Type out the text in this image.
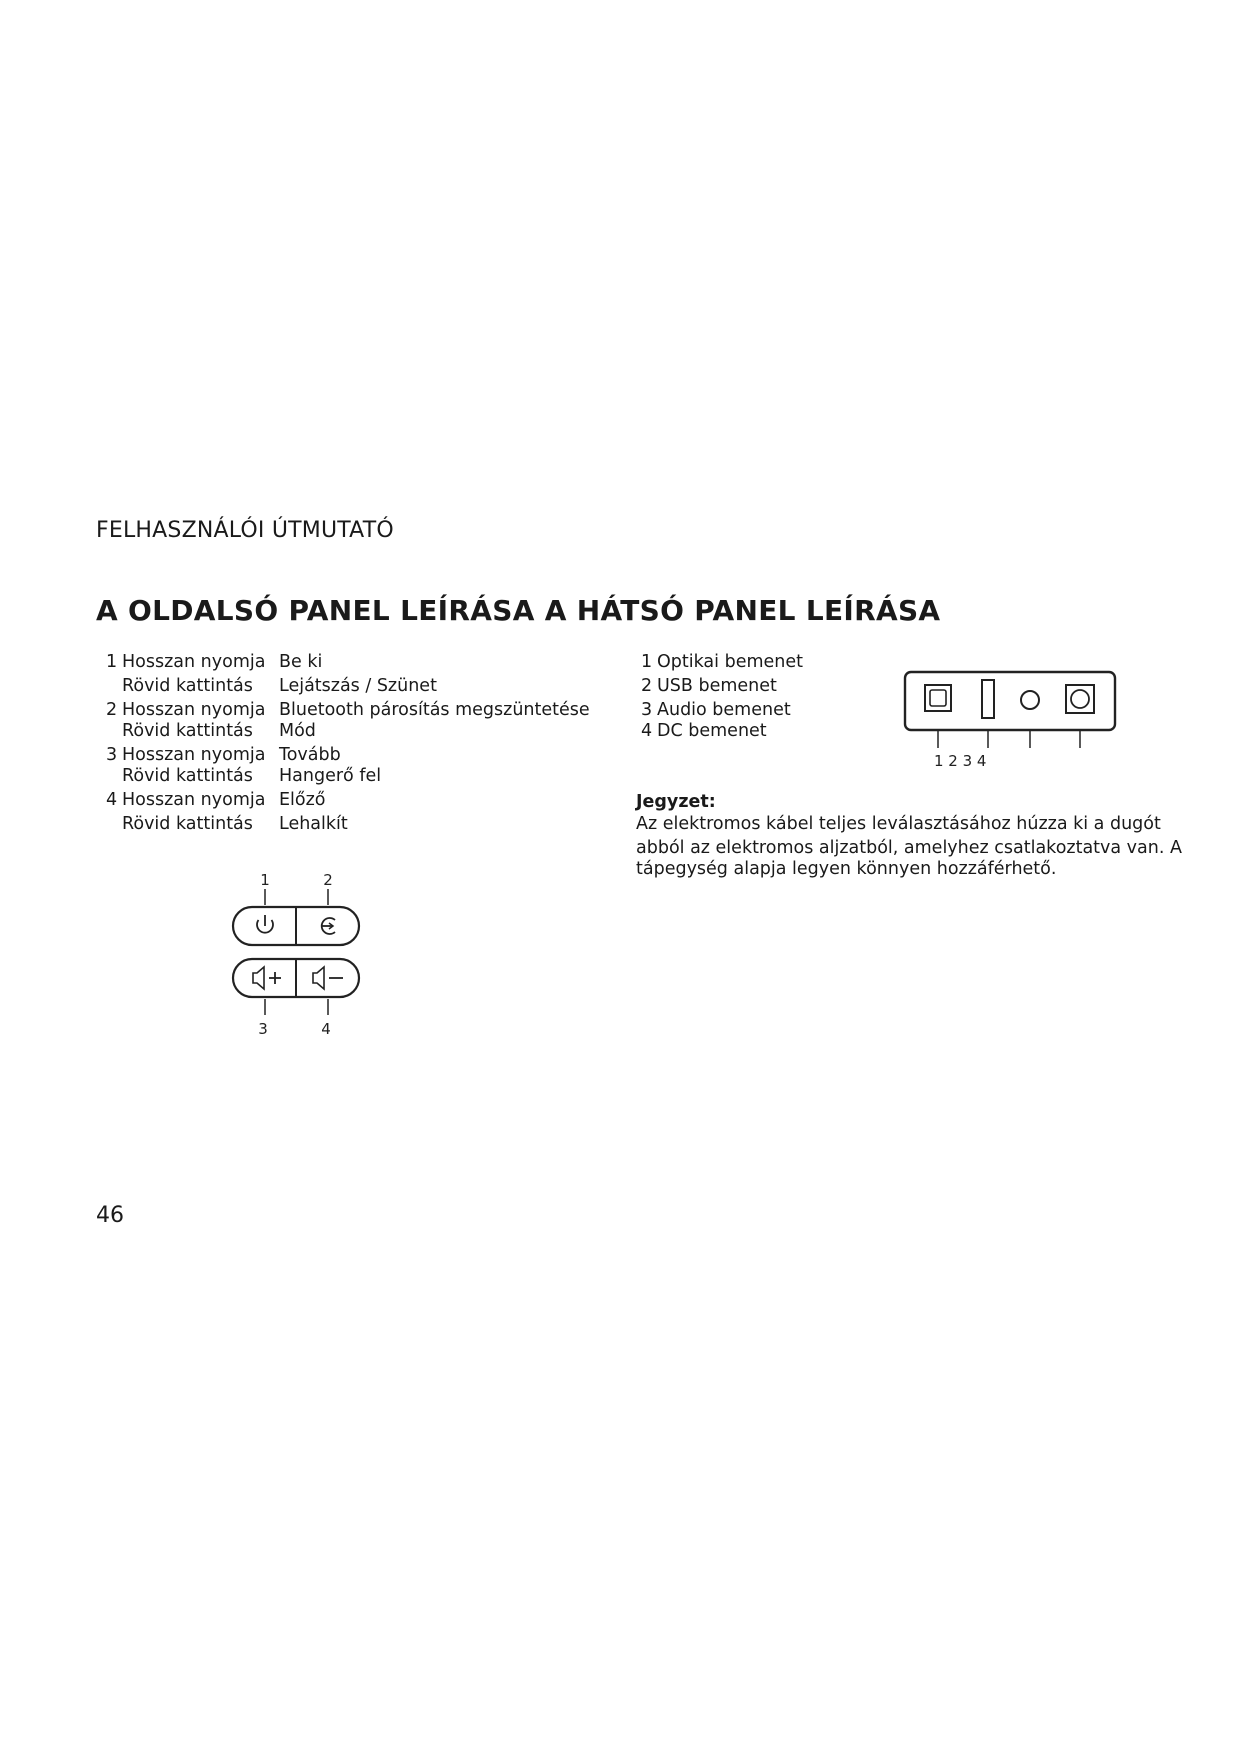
FELHASZNÁLÓI ÚTMUTATÓ
A OLDALSÓ PANEL LEÍRÁSA A HÁTSÓ PANEL LEÍRÁSA
1 Hosszan nyomja Be ki
Rövid kattintás Lejátszás / Szünet
2 Hosszan nyomja Bluetooth párosítás megszüntetése
Rövid kattintás Mód
3 Hosszan nyomja Tovább
Rövid kattintás Hangerő fel
4 Hosszan nyomja Előző
Rövid kattintás Lehalkít
1	2
3	4
1 Optikai bemenet
2 USB bemenet
3 Audio bemenet
4 DC bemenet
1 2 3 4
Jegyzet:
Az elektromos kábel teljes leválasztásához húzza ki a dugót
abból az elektromos aljzatból, amelyhez csatlakoztatva van. A
tápegység alapja legyen könnyen hozzáférhető.
46
